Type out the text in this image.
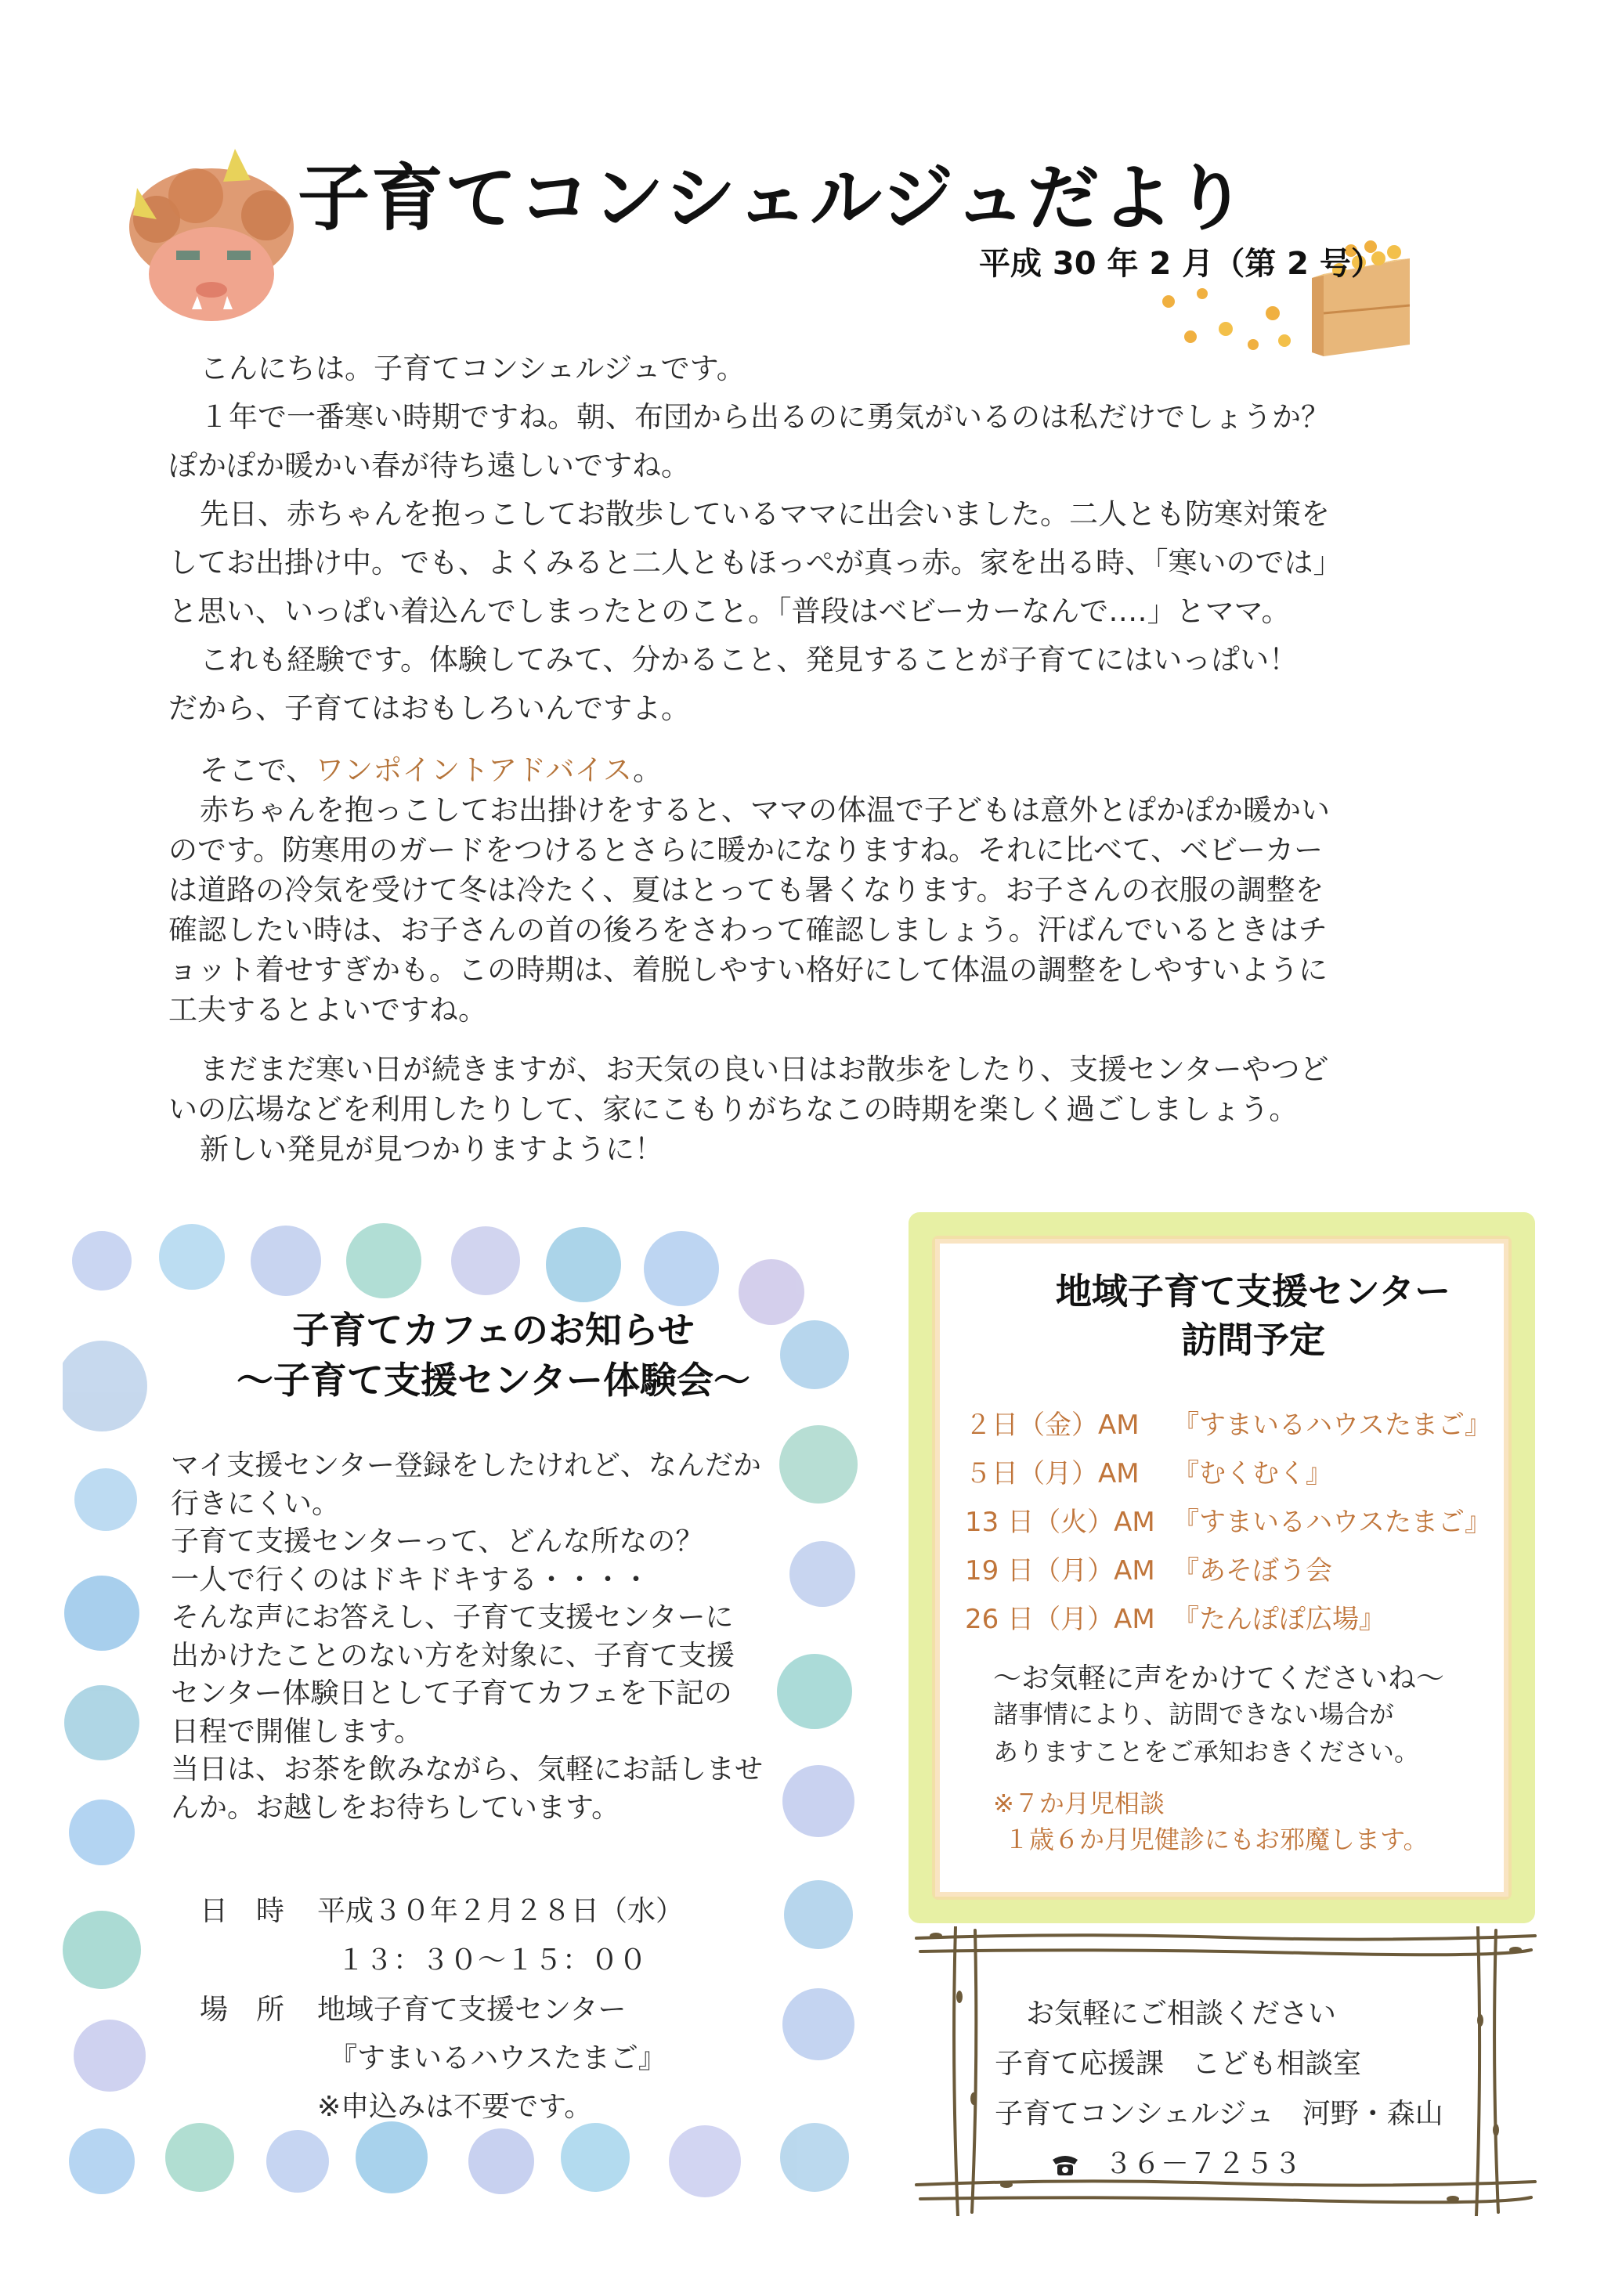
子育てコンシェルジュだより
平成 30 年 2 月（第 2 号）

こんにちは。子育てコンシェルジュです。

１年で一番寒い時期ですね。朝、布団から出るのに勇気がいるのは私だけでしょうか？

ぽかぽか暖かい春が待ち遠しいですね。

先日、赤ちゃんを抱っこしてお散歩しているママに出会いました。二人とも防寒対策を

してお出掛け中。でも、よくみると二人ともほっぺが真っ赤。家を出る時、「寒いのでは」

と思い、いっぱい着込んでしまったとのこと。「普段はベビーカーなんで‥‥」とママ。

これも経験です。体験してみて、分かること、発見することが子育てにはいっぱい！

だから、子育てはおもしろいんですよ。

そこで、ワンポイントアドバイス。

赤ちゃんを抱っこしてお出掛けをすると、ママの体温で子どもは意外とぽかぽか暖かい

のです。防寒用のガードをつけるとさらに暖かになりますね。それに比べて、ベビーカー

は道路の冷気を受けて冬は冷たく、夏はとっても暑くなります。お子さんの衣服の調整を

確認したい時は、お子さんの首の後ろをさわって確認しましょう。汗ばんでいるときはチ

ョット着せすぎかも。この時期は、着脱しやすい格好にして体温の調整をしやすいように

工夫するとよいですね。

まだまだ寒い日が続きますが、お天気の良い日はお散歩をしたり、支援センターやつど

いの広場などを利用したりして、家にこもりがちなこの時期を楽しく過ごしましょう。

新しい発見が見つかりますように！

子育てカフェのお知らせ
～子育て支援センター体験会～

マイ支援センター登録をしたけれど、なんだか

行きにくい。

子育て支援センターって、どんな所なの？

一人で行くのはドキドキする・・・・

そんな声にお答えし、子育て支援センターに

出かけたことのない方を対象に、子育て支援

センター体験日として子育てカフェを下記の

日程で開催します。

当日は、お茶を飲みながら、気軽にお話しませ

んか。お越しをお待ちしています。

日　時 平成３０年２月２８日（水）
１３：３０～１５：００
場　所 地域子育て支援センター
『すまいるハウスたまご』
※申込みは不要です。
地域子育て支援センター
訪問予定
２日（金）AM 『すまいるハウスたまご』
５日（月）AM 『むくむく』
13 日（火）AM 『すまいるハウスたまご』
19 日（月）AM 『あそぼう会
26 日（月）AM 『たんぽぽ広場』
～お気軽に声をかけてくださいね～
諸事情により、訪問できない場合が
ありますことをご承知おきください。
※７か月児相談
１歳６か月児健診にもお邪魔します。

お気軽にご相談ください

子育て応援課　こども相談室

子育てコンシェルジュ　河野・森山

３６－７２５３
